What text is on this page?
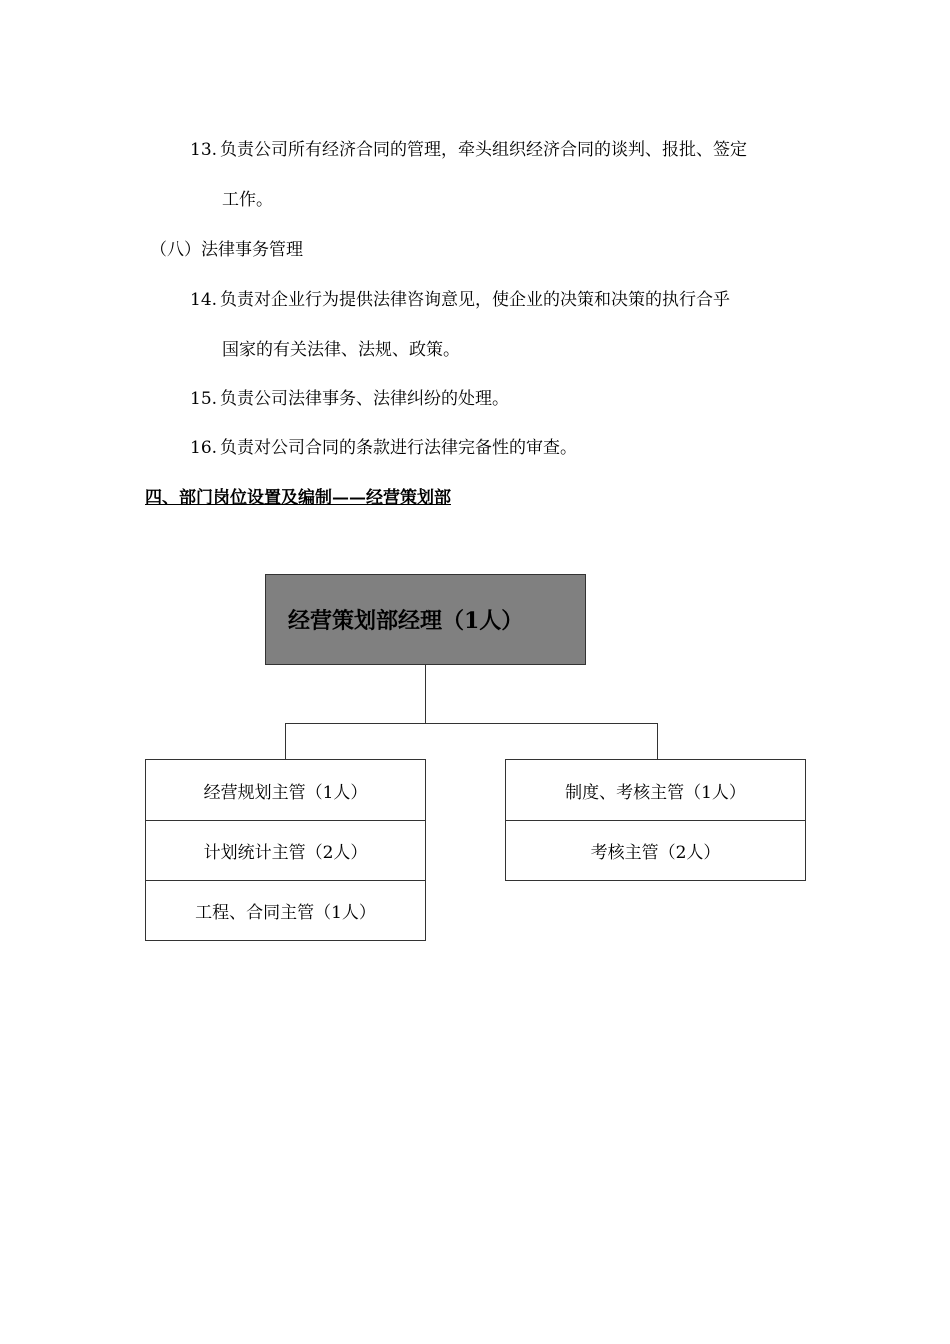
13. 负责公司所有经济合同的管理，牵头组织经济合同的谈判、报批、签定
工作。
（八）法律事务管理
14. 负责对企业行为提供法律咨询意见，使企业的决策和决策的执行合乎
国家的有关法律、法规、政策。
15. 负责公司法律事务、法律纠纷的处理。
16. 负责对公司合同的条款进行法律完备性的审查。
四、部门岗位设置及编制——经营策划部
经营策划部经理（1人）
经营规划主管（1人）
计划统计主管（2人）
工程、合同主管（1人）
制度、考核主管（1人）
考核主管（2人）
